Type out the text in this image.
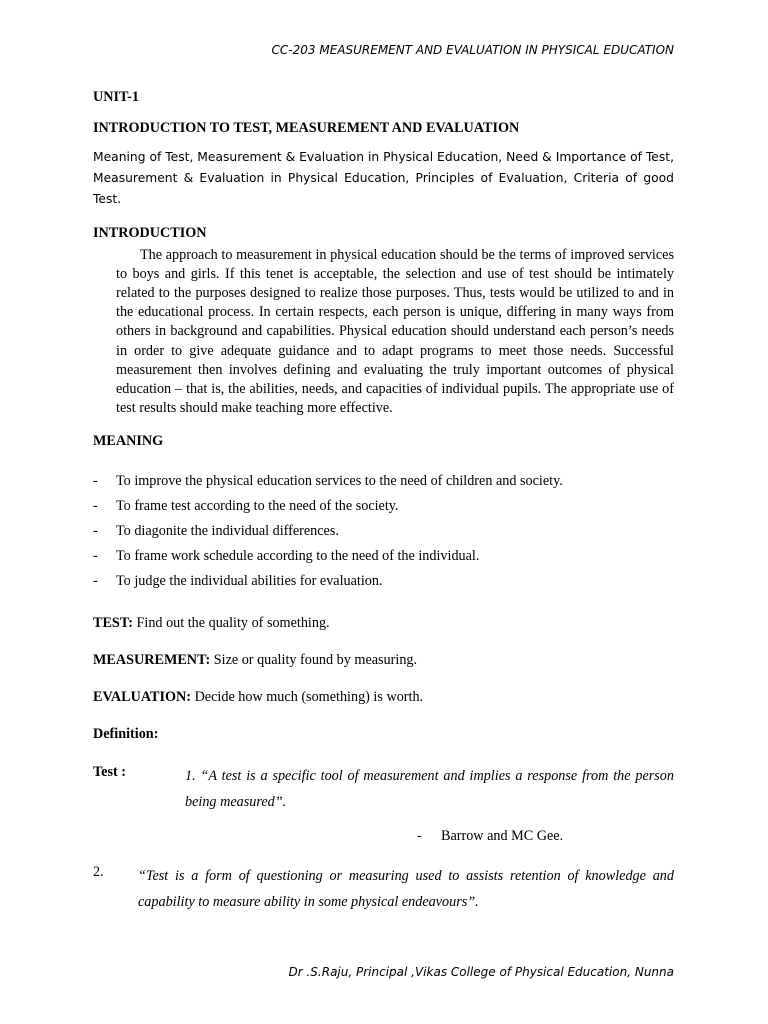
CC-203 MEASUREMENT AND EVALUATION IN PHYSICAL EDUCATION

UNIT-1

INTRODUCTION TO TEST, MEASUREMENT AND EVALUATION

Meaning of Test, Measurement & Evaluation in Physical Education, Need & Importance of Test, Measurement & Evaluation in Physical Education, Principles of Evaluation, Criteria of good Test.

INTRODUCTION

The approach to measurement in physical education should be the terms of improved services to boys and girls. If this tenet is acceptable, the selection and use of test should be intimately related to the purposes designed to realize those purposes. Thus, tests would be utilized to and in the educational process. In certain respects, each person is unique, differing in many ways from others in background and capabilities. Physical education should understand each person’s needs in order to give adequate guidance and to adapt programs to meet those needs. Successful measurement then involves defining and evaluating the truly important outcomes of physical education – that is, the abilities, needs, and capacities of individual pupils. The appropriate use of test results should make teaching more effective.

MEANING

- To improve the physical education services to the need of children and society.
- To frame test according to the need of the society.
- To diagonite the individual differences.
- To frame work schedule according to the need of the individual.
- To judge the individual abilities for evaluation.

TEST: Find out the quality of something.

MEASUREMENT: Size or quality found by measuring.

EVALUATION: Decide how much (something) is worth.

Definition:

Test :	1. “A test is a specific tool of measurement and implies a response from the person being measured”.
- Barrow and MC Gee.
2.	“Test is a form of questioning or measuring used to assists retention of knowledge and capability to measure ability in some physical endeavours”.
Dr .S.Raju, Principal ,Vikas College of Physical Education, Nunna
